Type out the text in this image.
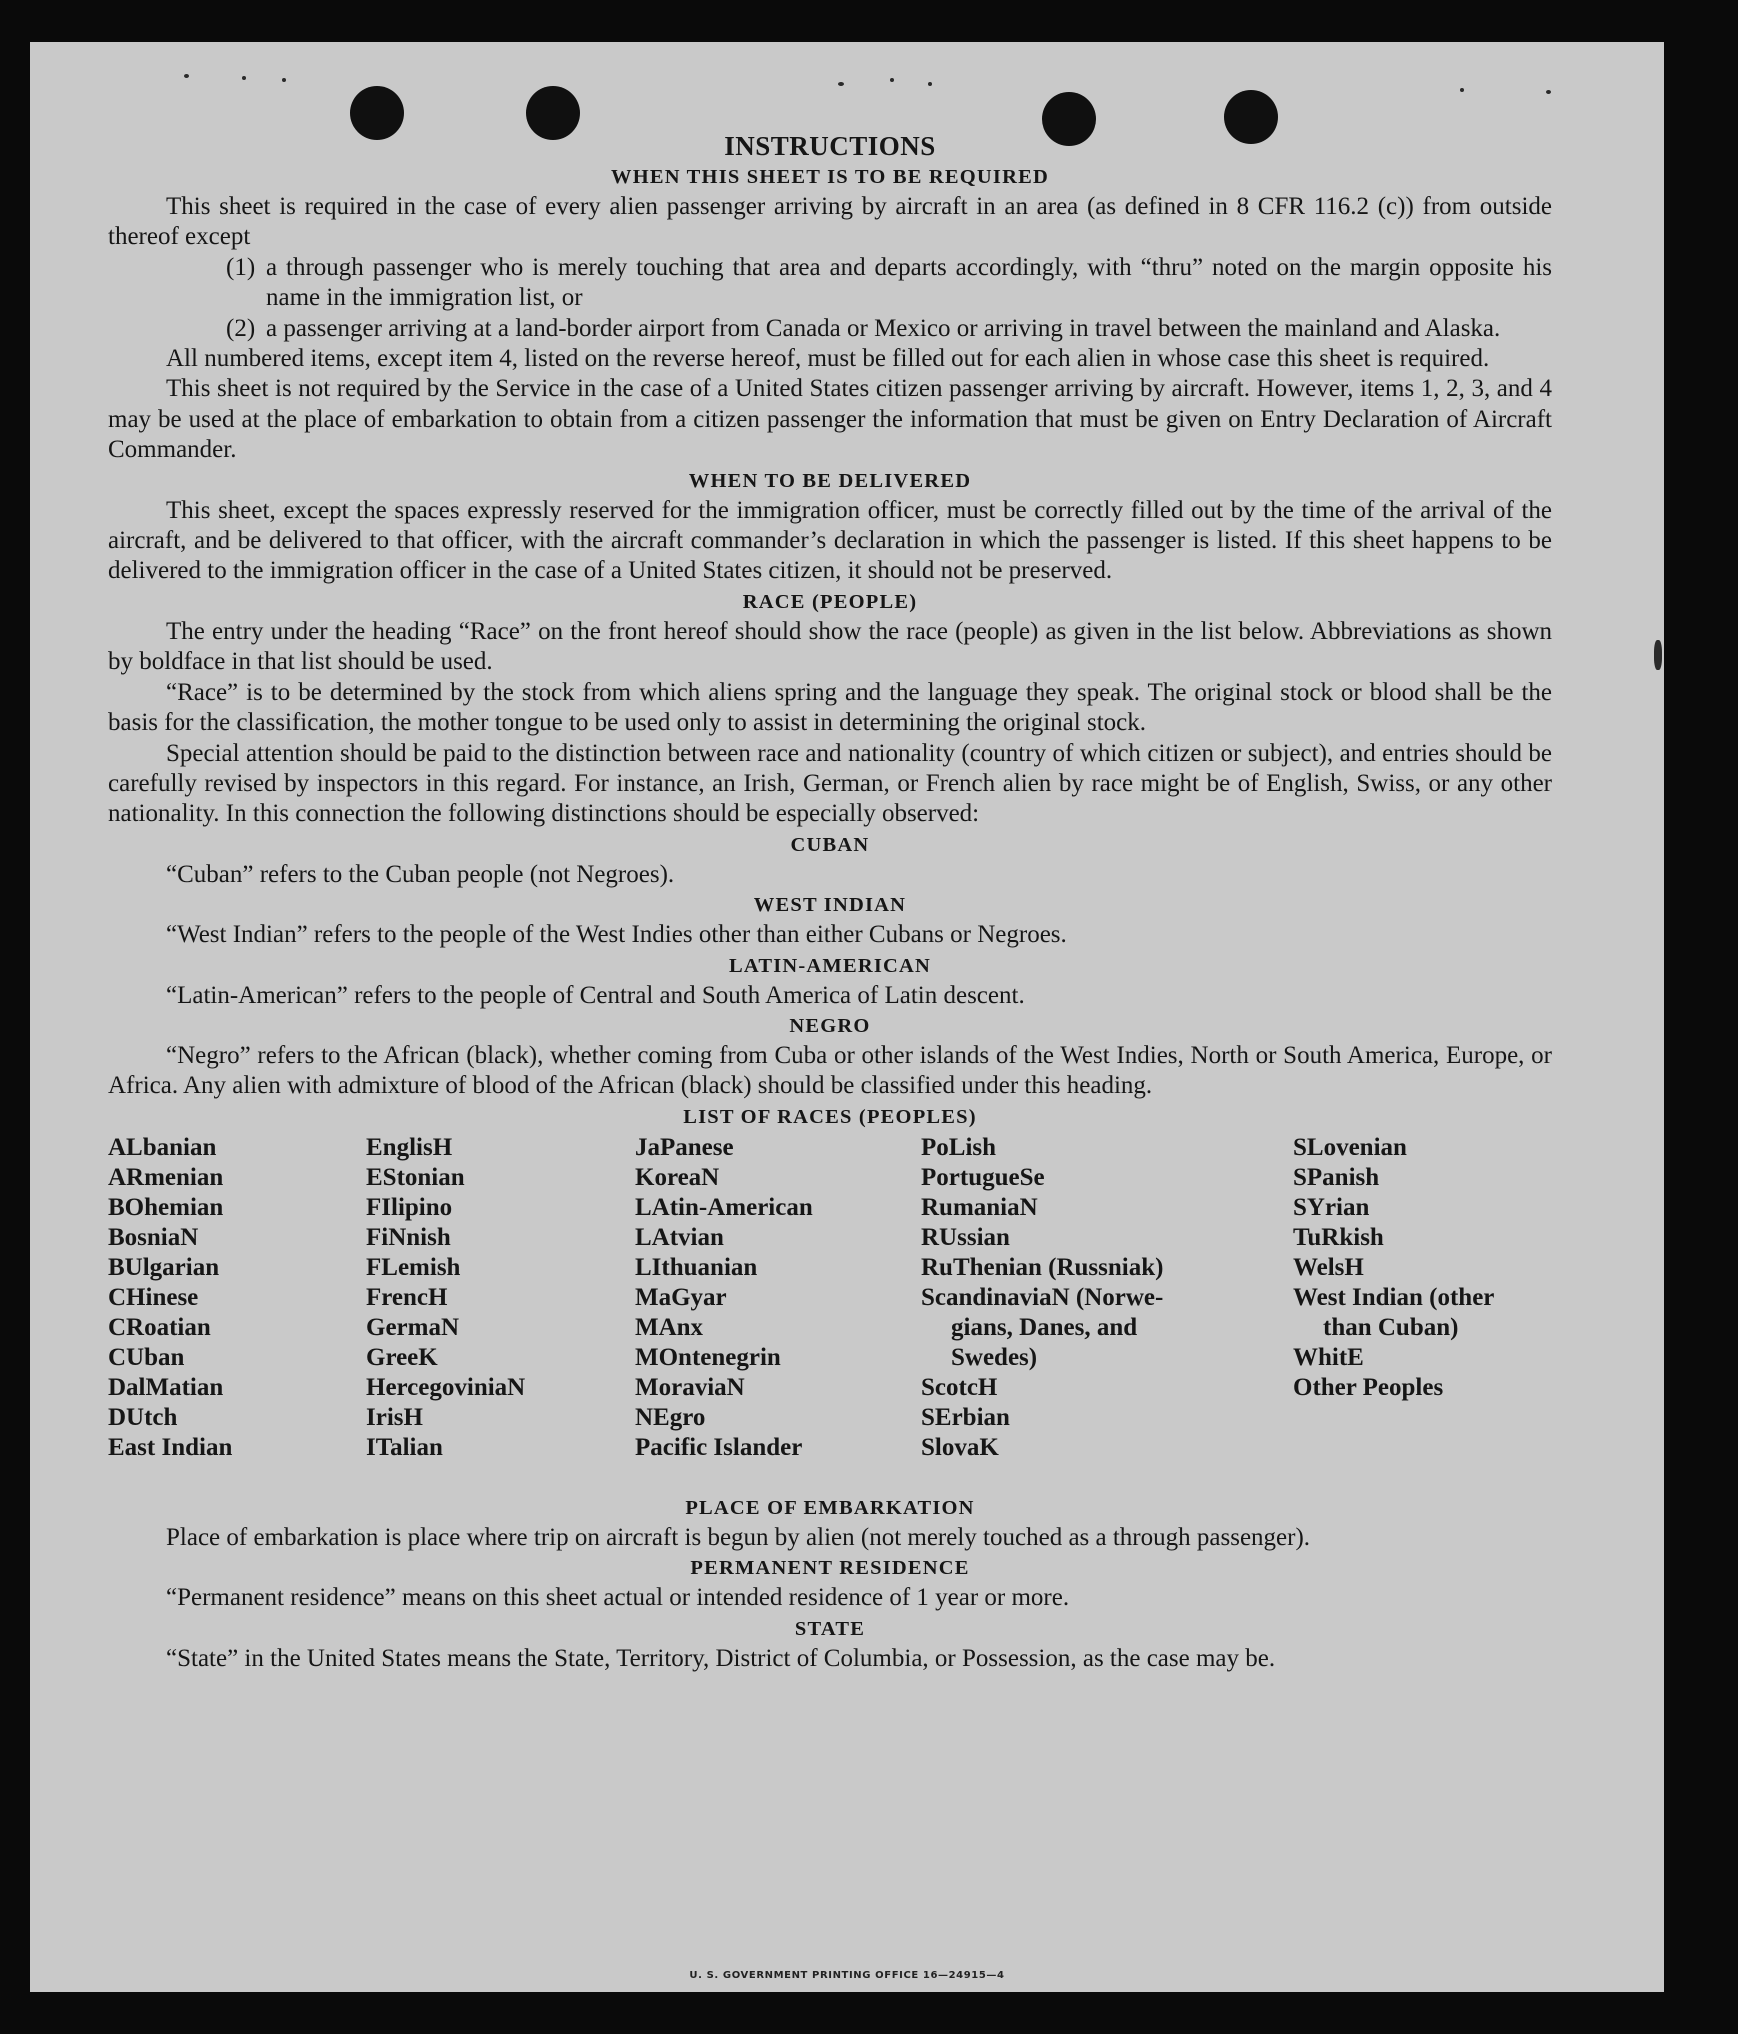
INSTRUCTIONS
WHEN THIS SHEET IS TO BE REQUIRED

This sheet is required in the case of every alien passenger arriving by aircraft in an area (as defined in 8 CFR 116.2 (c)) from outside thereof except

(1) a through passenger who is merely touching that area and departs accordingly, with “thru” noted on the margin opposite his name in the immigration list, or
(2) a passenger arriving at a land-border airport from Canada or Mexico or arriving in travel between the mainland and Alaska.

All numbered items, except item 4, listed on the reverse hereof, must be filled out for each alien in whose case this sheet is required.

This sheet is not required by the Service in the case of a United States citizen passenger arriving by aircraft. However, items 1, 2, 3, and 4 may be used at the place of embarkation to obtain from a citizen passenger the information that must be given on Entry Declaration of Aircraft Commander.

WHEN TO BE DELIVERED

This sheet, except the spaces expressly reserved for the immigration officer, must be correctly filled out by the time of the arrival of the aircraft, and be delivered to that officer, with the aircraft commander’s declaration in which the passenger is listed. If this sheet happens to be delivered to the immigration officer in the case of a United States citizen, it should not be preserved.

RACE (PEOPLE)

The entry under the heading “Race” on the front hereof should show the race (people) as given in the list below. Abbreviations as shown by boldface in that list should be used.

“Race” is to be determined by the stock from which aliens spring and the language they speak. The original stock or blood shall be the basis for the classification, the mother tongue to be used only to assist in determining the original stock.

Special attention should be paid to the distinction between race and nationality (country of which citizen or subject), and entries should be carefully revised by inspectors in this regard. For instance, an Irish, German, or French alien by race might be of English, Swiss, or any other nationality. In this connection the following distinctions should be especially observed:

CUBAN

“Cuban” refers to the Cuban people (not Negroes).

WEST INDIAN

“West Indian” refers to the people of the West Indies other than either Cubans or Negroes.

LATIN-AMERICAN

“Latin-American” refers to the people of Central and South America of Latin descent.

NEGRO

“Negro” refers to the African (black), whether coming from Cuba or other islands of the West Indies, North or South America, Europe, or Africa. Any alien with admixture of blood of the African (black) should be classified under this heading.

LIST OF RACES (PEOPLES)
ALbanian
ARmenian
BOhemian
BosniaN
BUlgarian
CHinese
CRoatian
CUban
DalMatian
DUtch
East Indian
EnglisH
EStonian
FIlipino
FiNnish
FLemish
FrencH
GermaN
GreeK
HercegoviniaN
IrisH
ITalian
JaPanese
KoreaN
LAtin-American
LAtvian
LIthuanian
MaGyar
MAnx
MOntenegrin
MoraviaN
NEgro
Pacific Islander
PoLish
PortugueSe
RumaniaN
RUssian
RuThenian (Russniak)
ScandinaviaN (Norwe-
gians, Danes, and
Swedes)
ScotcH
SErbian
SlovaK
SLovenian
SPanish
SYrian
TuRkish
WelsH
West Indian (other
than Cuban)
WhitE
Other Peoples
PLACE OF EMBARKATION

Place of embarkation is place where trip on aircraft is begun by alien (not merely touched as a through passenger).

PERMANENT RESIDENCE

“Permanent residence” means on this sheet actual or intended residence of 1 year or more.

STATE

“State” in the United States means the State, Territory, District of Columbia, or Possession, as the case may be.

U. S. GOVERNMENT PRINTING OFFICE 16—24915—4
